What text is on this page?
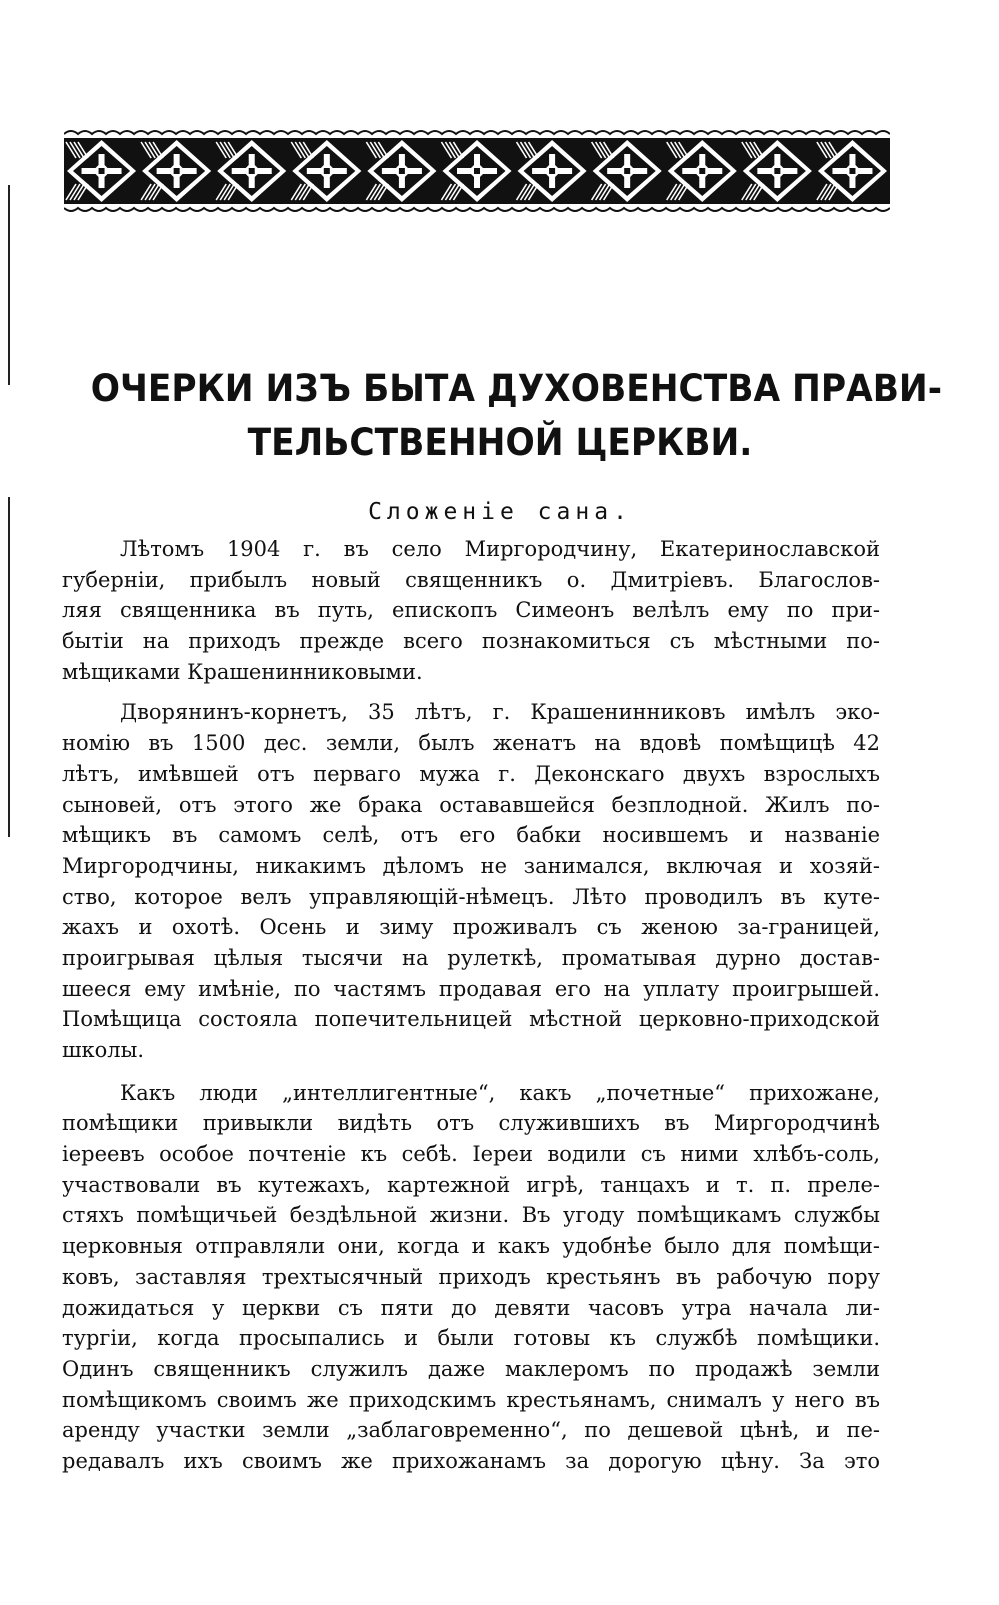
ОЧЕРКИ ИЗЪ БЫТА ДУХОВЕНСТВА ПРАВИ-
ТЕЛЬСТВЕННОЙ ЦЕРКВИ.
Сложеніе сана.
Лѣтомъ 1904 г. въ село Миргородчину, Екатеринославской
губерніи, прибылъ новый священникъ о. Дмитріевъ. Благослов-
ляя священника въ путь, епископъ Симеонъ велѣлъ ему по при-
бытіи на приходъ прежде всего познакомиться съ мѣстными по-
мѣщиками Крашенинниковыми.
Дворянинъ-корнетъ, 35 лѣтъ, г. Крашенинниковъ имѣлъ эко-
номію въ 1500 дес. земли, былъ женатъ на вдовѣ помѣщицѣ 42
лѣтъ, имѣвшей отъ перваго мужа г. Деконскаго двухъ взрослыхъ
сыновей, отъ этого же брака остававшейся безплодной. Жилъ по-
мѣщикъ въ самомъ селѣ, отъ его бабки носившемъ и названіе
Миргородчины, никакимъ дѣломъ не занимался, включая и хозяй-
ство, которое велъ управляющій-нѣмецъ. Лѣто проводилъ въ куте-
жахъ и охотѣ. Осень и зиму проживалъ съ женою за-границей,
проигрывая цѣлыя тысячи на рулеткѣ, проматывая дурно достав-
шееся ему имѣніе, по частямъ продавая его на уплату проигрышей.
Помѣщица состояла попечительницей мѣстной церковно-приходской
школы.
Какъ люди „интеллигентные“, какъ „почетные“ прихожане,
помѣщики привыкли видѣть отъ служившихъ въ Миргородчинѣ
іереевъ особое почтеніе къ себѣ. Іереи водили съ ними хлѣбъ-соль,
участвовали въ кутежахъ, картежной игрѣ, танцахъ и т. п. преле-
стяхъ помѣщичьей бездѣльной жизни. Въ угоду помѣщикамъ службы
церковныя отправляли они, когда и какъ удобнѣе было для помѣщи-
ковъ, заставляя трехтысячный приходъ крестьянъ въ рабочую пору
дожидаться у церкви съ пяти до девяти часовъ утра начала ли-
тургіи, когда просыпались и были готовы къ службѣ помѣщики.
Одинъ священникъ служилъ даже маклеромъ по продажѣ земли
помѣщикомъ своимъ же приходскимъ крестьянамъ, снималъ у него въ
аренду участки земли „заблаговременно“, по дешевой цѣнѣ, и пе-
редавалъ ихъ своимъ же прихожанамъ за дорогую цѣну. За это
